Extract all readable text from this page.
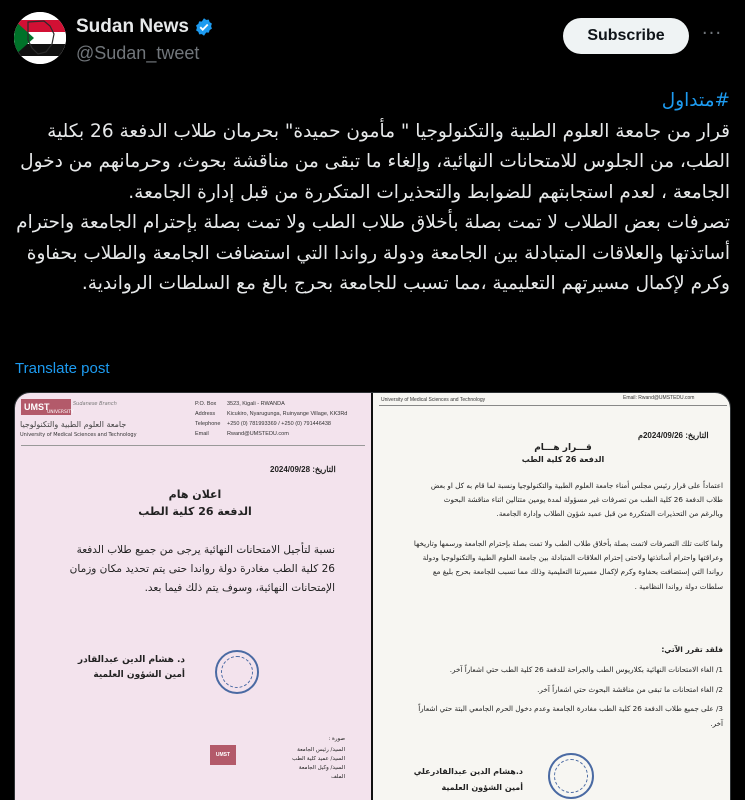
Sudan News
@Sudan_tweet
Subscribe	···

#متداول

قرار من جامعة العلوم الطبية والتكنولوجيا " مأمون حميدة" بحرمان طلاب الدفعة 26 بكلية الطب، من الجلوس للامتحانات النهائية، وإلغاء ما تبقى من مناقشة بحوث، وحرمانهم من دخول الجامعة ، لعدم استجابتهم للضوابط والتحذيرات المتكررة من قبل إدارة الجامعة.

تصرفات بعض الطلاب لا تمت بصلة بأخلاق طلاب الطب ولا تمت بصلة بإحترام الجامعة واحترام أساتذتها والعلاقات المتبادلة بين الجامعة ودولة رواندا التي استضافت الجامعة والطلاب بحفاوة وكرم لإكمال مسيرتهم التعليمية ،مما تسبب للجامعة بحرج بالغ مع السلطات الرواندية.

Translate post
UMST
UNIVERSITY
Sudanese Branch
جامعة العلوم الطبية والتكنولوجيا
University of Medical Sciences and Technology
P.O. Box 3523, Kigali - RWANDA
Address Kicukiro, Nyarugunga, Ruinyange Village, KK3Rd
Telephone +250 (0) 781993369 / +250 (0) 791446438
Email	Rwand@UMSTEDU.com
التاريخ: 2024/09/28
اعلان هام
الدفعة 26 كلية الطب
نسبة لتأجيل الامتحانات النهائية يرجى من جميع طلاب الدفعة 26 كلية الطب مغادرة دولة رواندا حتى يتم تحديد مكان وزمان الإمتحانات النهائية، وسوف يتم ذلك فيما بعد.
د. هشام الدين عبدالقادر
أمين الشؤون العلمية
صورة :
السيد/ رئيس الجامعة
السيد/ عميد كلية الطب
السيد/ وكيل الجامعة
الملف
UMST
University of Medical Sciences and Technology	Email: Rwand@UMSTEDU.com
التاريخ: 2024/09/26م
قـــرار هـــام
الدفعة 26 كلية الطب
اعتماداً على قرار رئيس مجلس أمناء جامعة العلوم الطبية والتكنولوجيا ونسبة لما قام به كل او بعض طلاب الدفعة 26 كلية الطب من تصرفات غير مسؤولة لمدة يومين متتالين اثناء مناقشة البحوث وبالرغم من التحذيرات المتكررة من قبل عميد شؤون الطلاب وإدارة الجامعة.
ولما كانت تلك التصرفات لاتمت بصلة بأخلاق طلاب الطب ولا تمت بصلة بإحترام الجامعة ورسمها وتاريخها وعراقتها واحترام أساتذتها ولاحتى إحترام العلاقات المتبادلة بين جامعة العلوم الطبية والتكنولوجيا ودولة رواندا التي إستضافت بحفاوة وكرم لإكمال مسيرتنا التعليمية وذلك مما تسبب للجامعة بحرج بليغ مع سلطات دولة رواندا النظامية .
فلقد تقرر الآتي:
1/ الغاء الامتحانات النهائية بكلاريوس الطب والجراحة للدفعة 26 كلية الطب حتي اشعاراً آخر.
2/ الغاء امتحانات ما تبقى من مناقشة البحوث حتي اشعاراً آخر.
3/ على جميع طلاب الدفعة 26 كلية الطب مغادرة الجامعة وعدم دخول الحرم الجامعي البتة حتي اشعاراً آخر.
د.هشام الدين عبدالقادرعلي
أمين الشؤون العلمية
